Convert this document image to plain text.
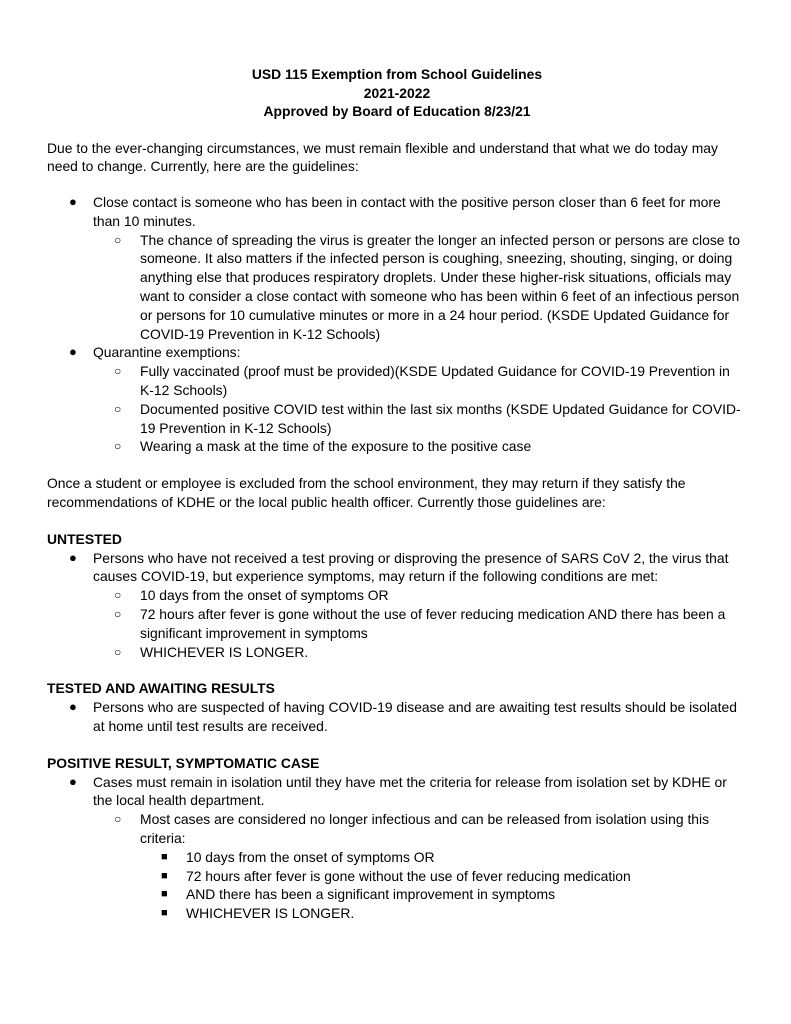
USD 115 Exemption from School Guidelines
2021-2022
Approved by Board of Education 8/23/21

Due to the ever-changing circumstances, we must remain flexible and understand that what we do today may need to change. Currently, here are the guidelines:

● Close contact is someone who has been in contact with the positive person closer than 6 feet for more than 10 minutes.
○ The chance of spreading the virus is greater the longer an infected person or persons are close to someone. It also matters if the infected person is coughing, sneezing, shouting, singing, or doing anything else that produces respiratory droplets. Under these higher-risk situations, officials may want to consider a close contact with someone who has been within 6 feet of an infectious person or persons for 10 cumulative minutes or more in a 24 hour period. (KSDE Updated Guidance for COVID-19 Prevention in K-12 Schools)
● Quarantine exemptions:
○ Fully vaccinated (proof must be provided)(KSDE Updated Guidance for COVID-19 Prevention in K-12 Schools)
○ Documented positive COVID test within the last six months (KSDE Updated Guidance for COVID-19 Prevention in K-12 Schools)
○ Wearing a mask at the time of the exposure to the positive case

Once a student or employee is excluded from the school environment, they may return if they satisfy the recommendations of KDHE or the local public health officer. Currently those guidelines are:

UNTESTED

● Persons who have not received a test proving or disproving the presence of SARS CoV 2, the virus that causes COVID-19, but experience symptoms, may return if the following conditions are met:
○ 10 days from the onset of symptoms OR
○ 72 hours after fever is gone without the use of fever reducing medication AND there has been a significant improvement in symptoms
○ WHICHEVER IS LONGER.

TESTED AND AWAITING RESULTS

● Persons who are suspected of having COVID-19 disease and are awaiting test results should be isolated at home until test results are received.

POSITIVE RESULT, SYMPTOMATIC CASE

● Cases must remain in isolation until they have met the criteria for release from isolation set by KDHE or the local health department.
○ Most cases are considered no longer infectious and can be released from isolation using this criteria:
■ 10 days from the onset of symptoms OR
■ 72 hours after fever is gone without the use of fever reducing medication
■ AND there has been a significant improvement in symptoms
■ WHICHEVER IS LONGER.
